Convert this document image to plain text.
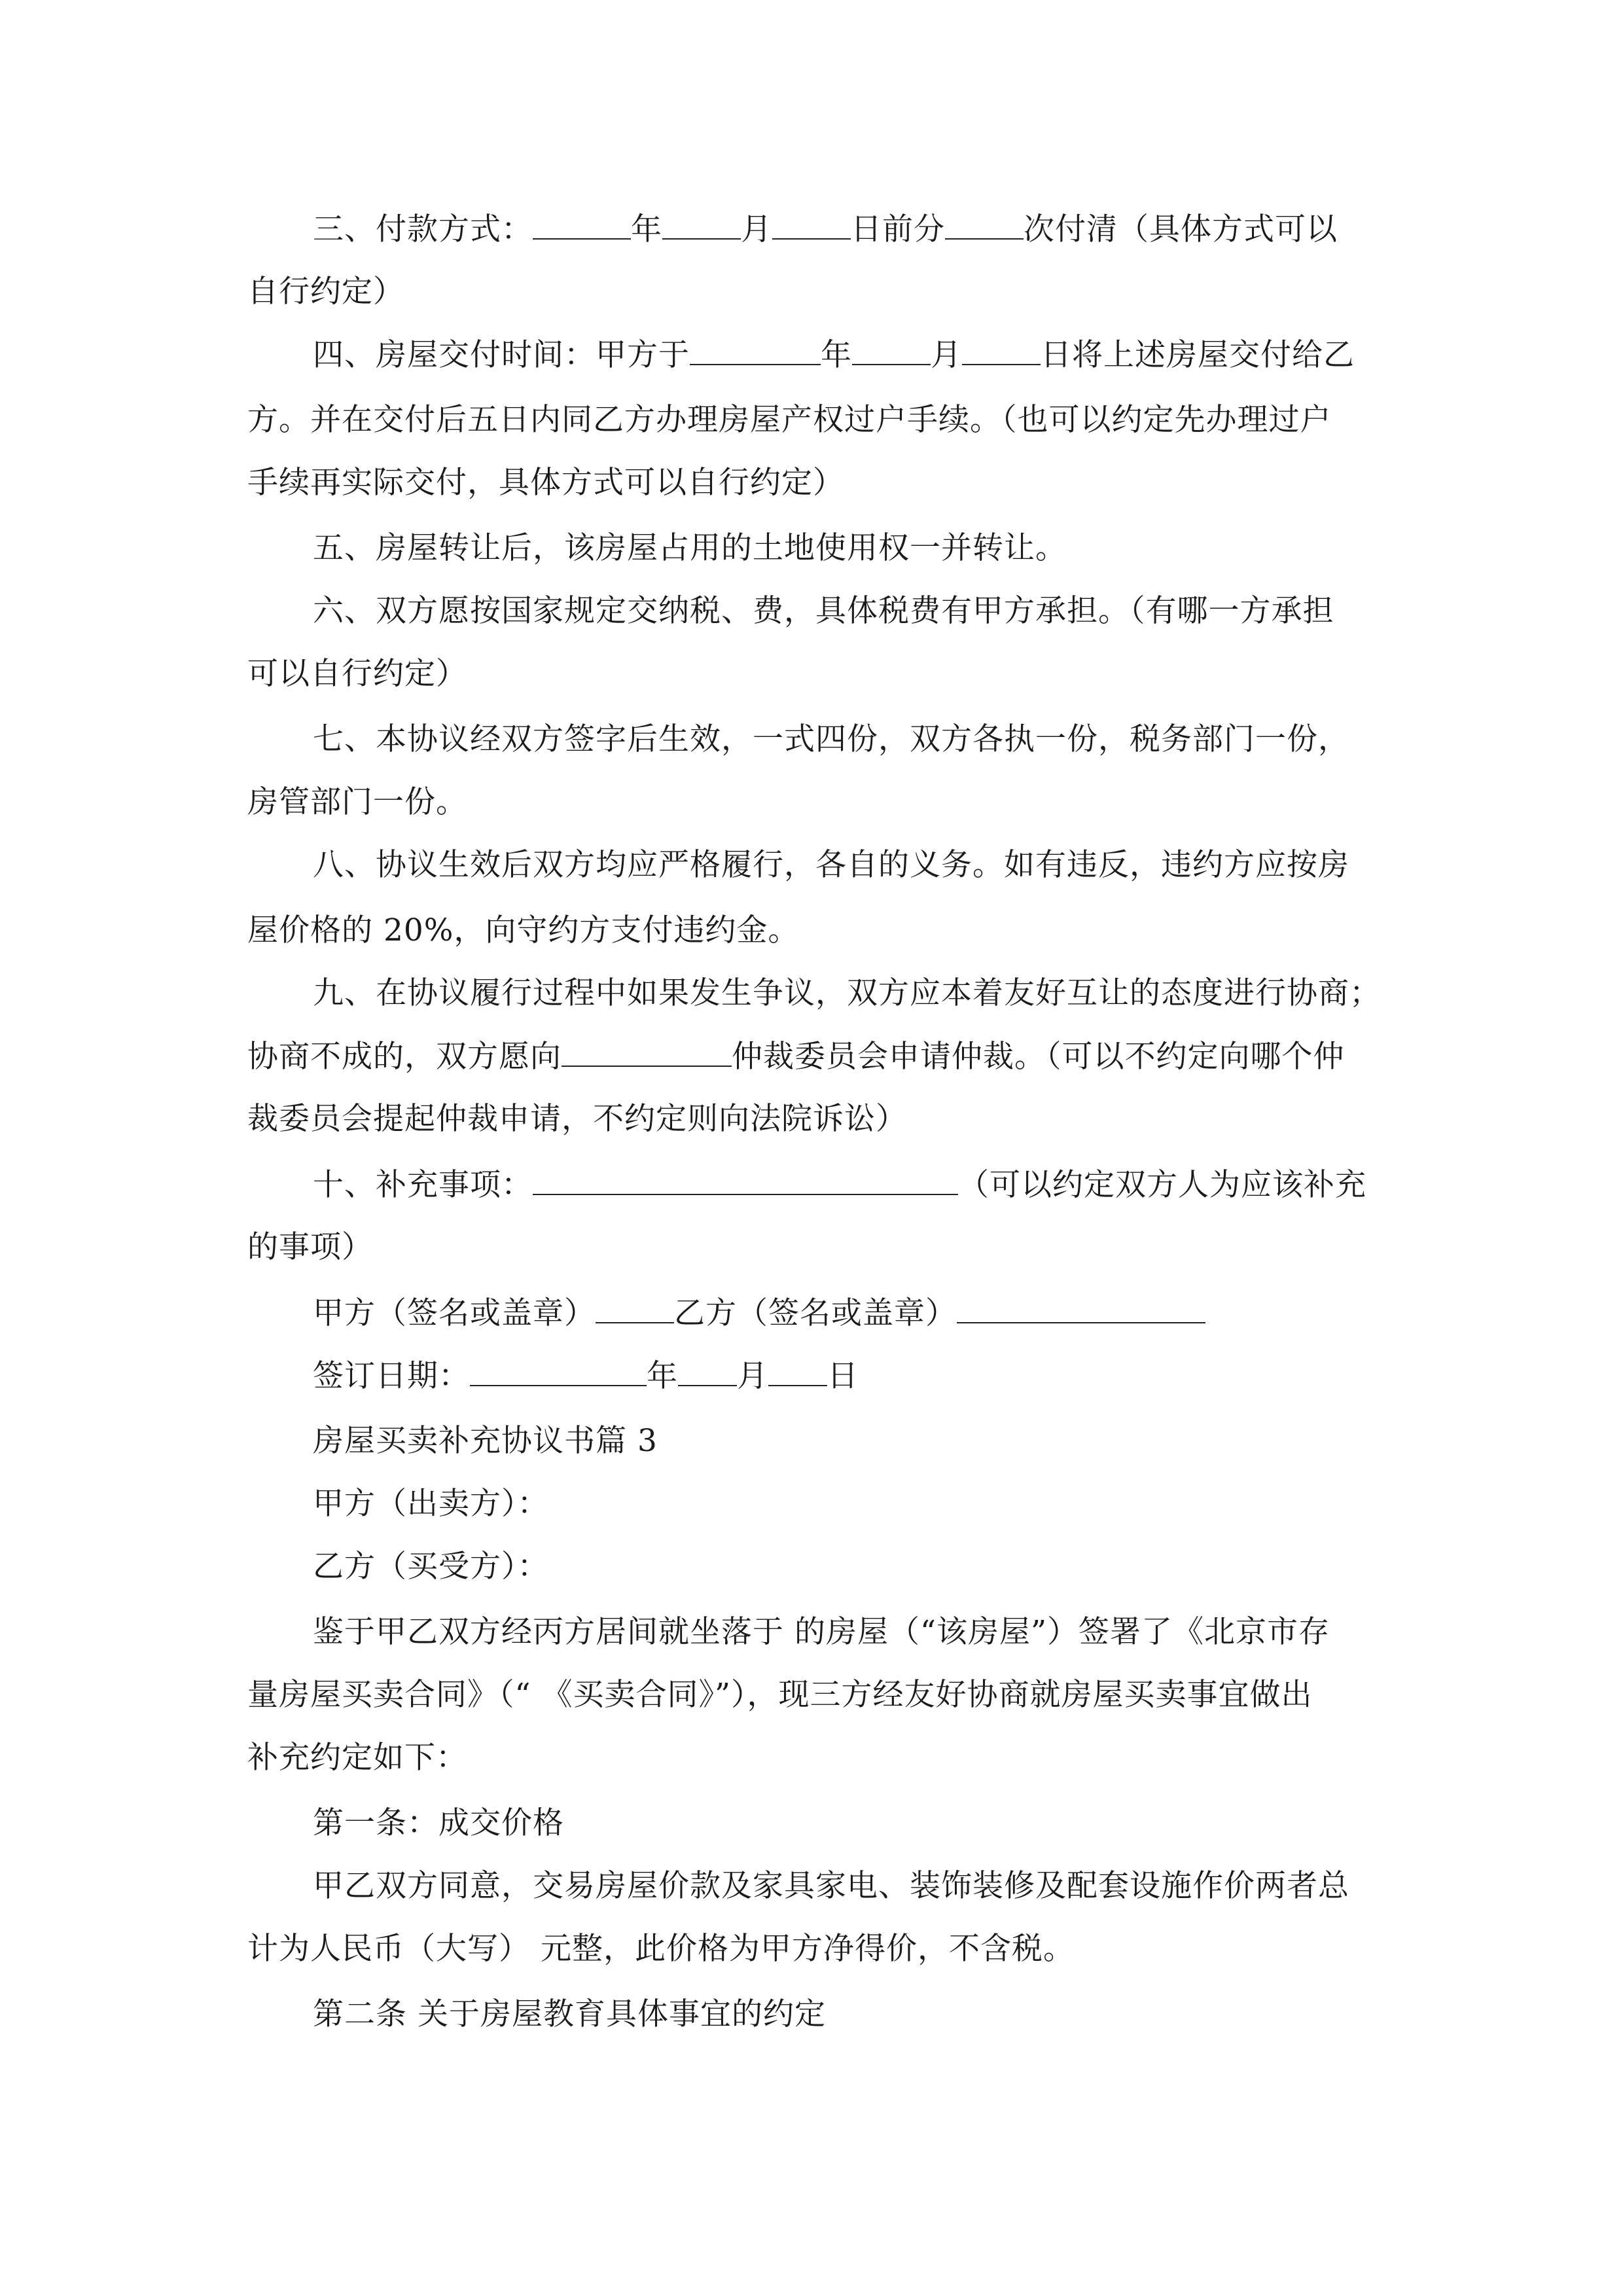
三、付款方式：	年	月	日前分	次付清（具体方式可以
自行约定）
四、房屋交付时间：甲方于	年	月	日将上述房屋交付给乙
方。并在交付后五日内同乙方办理房屋产权过户手续。（也可以约定先办理过户
手续再实际交付，具体方式可以自行约定）
五、房屋转让后，该房屋占用的土地使用权一并转让。
六、双方愿按国家规定交纳税、费，具体税费有甲方承担。（有哪一方承担
可以自行约定）
七、本协议经双方签字后生效，一式四份，双方各执一份，税务部门一份，
房管部门一份。
八、协议生效后双方均应严格履行，各自的义务。如有违反，违约方应按房
屋价格的 20%，向守约方支付违约金。
九、在协议履行过程中如果发生争议，双方应本着友好互让的态度进行协商；
协商不成的，双方愿向	仲裁委员会申请仲裁。（可以不约定向哪个仲
裁委员会提起仲裁申请，不约定则向法院诉讼）
十、补充事项：	（可以约定双方人为应该补充
的事项）
甲方（签名或盖章）	乙方（签名或盖章）
签订日期：	年 月 日
房屋买卖补充协议书篇 3
甲方（出卖方）：
乙方（买受方）：
鉴于甲乙双方经丙方居间就坐落于 的房屋（“该房屋”）签署了《北京市存
量房屋买卖合同》（“ 《买卖合同》”），现三方经友好协商就房屋买卖事宜做出
补充约定如下：
第一条：成交价格
甲乙双方同意，交易房屋价款及家具家电、装饰装修及配套设施作价两者总
计为人民币（大写） 元整，此价格为甲方净得价，不含税。
第二条 关于房屋教育具体事宜的约定
